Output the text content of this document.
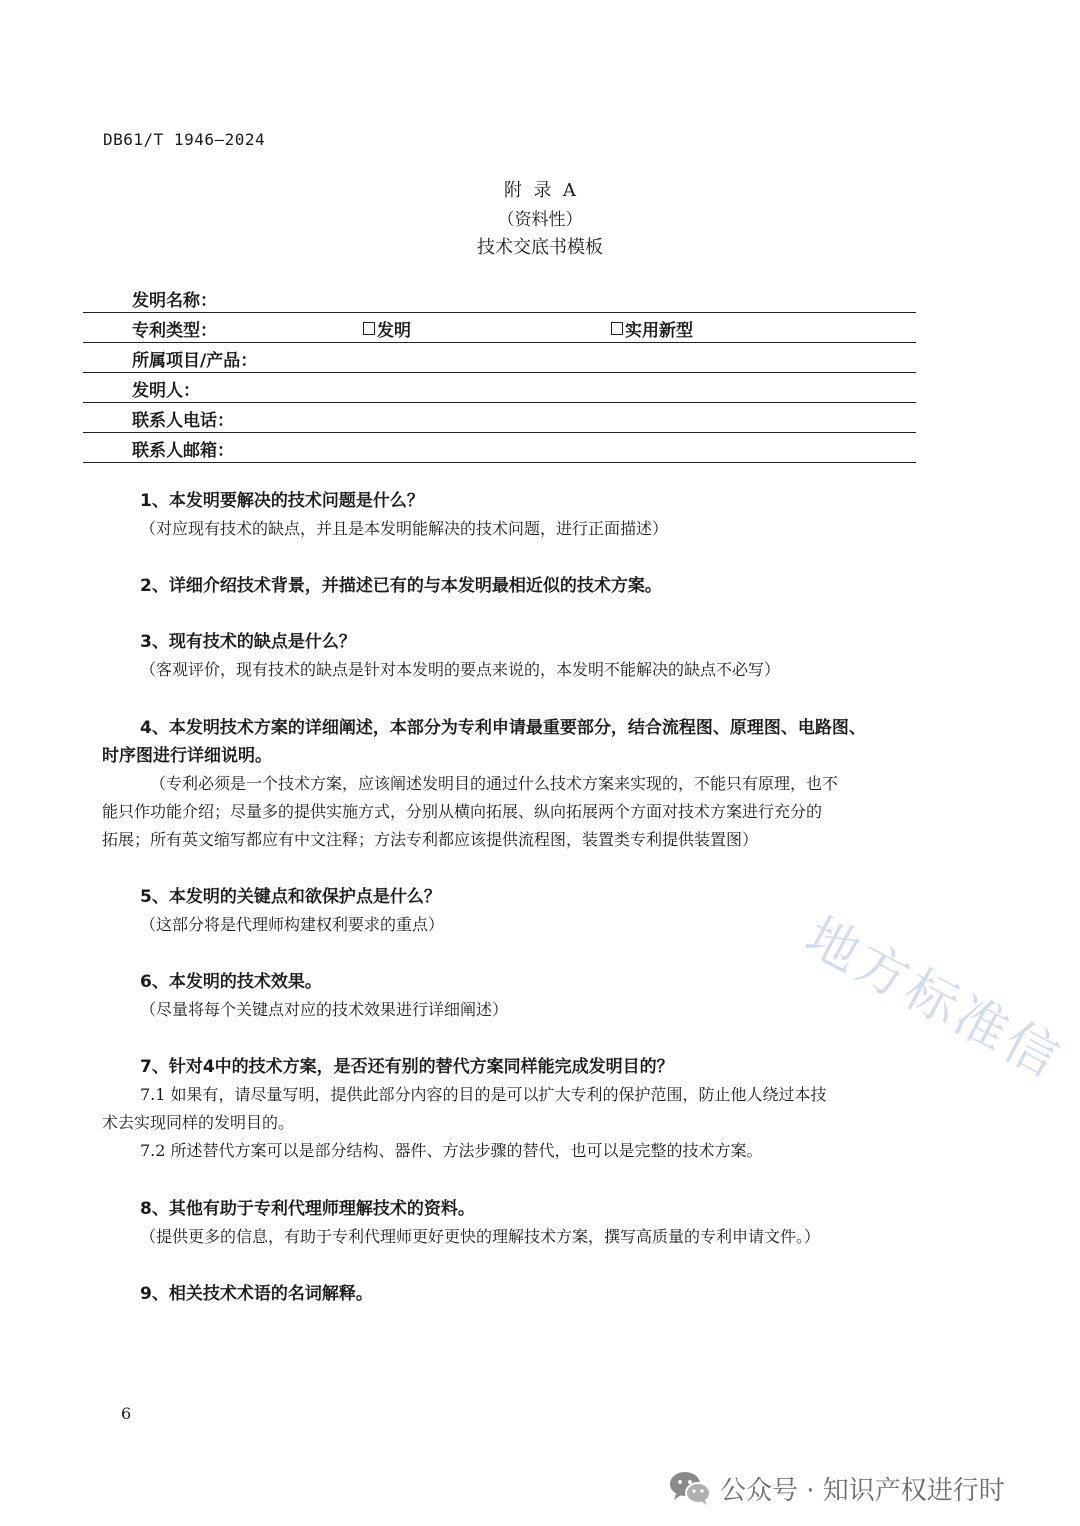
DB61/T 1946—2024
附  录  A
（资料性）
技术交底书模板
发明名称：
专利类型：	发明	实用新型
所属项目/产品：
发明人：
联系人电话：
联系人邮箱：
1、本发明要解决的技术问题是什么？
（对应现有技术的缺点，并且是本发明能解决的技术问题，进行正面描述）
2、详细介绍技术背景，并描述已有的与本发明最相近似的技术方案。
3、现有技术的缺点是什么？
（客观评价，现有技术的缺点是针对本发明的要点来说的，本发明不能解决的缺点不必写）
4、本发明技术方案的详细阐述，本部分为专利申请最重要部分，结合流程图、原理图、电路图、
时序图进行详细说明。
（专利必须是一个技术方案，应该阐述发明目的通过什么技术方案来实现的，不能只有原理，也不
能只作功能介绍；尽量多的提供实施方式，分别从横向拓展、纵向拓展两个方面对技术方案进行充分的
拓展；所有英文缩写都应有中文注释；方法专利都应该提供流程图，装置类专利提供装置图）
5、本发明的关键点和欲保护点是什么？
（这部分将是代理师构建权利要求的重点）
6、本发明的技术效果。
（尽量将每个关键点对应的技术效果进行详细阐述）
7、针对4中的技术方案，是否还有别的替代方案同样能完成发明目的？
7.1 如果有，请尽量写明，提供此部分内容的目的是可以扩大专利的保护范围，防止他人绕过本技
术去实现同样的发明目的。
7.2 所述替代方案可以是部分结构、器件、方法步骤的替代，也可以是完整的技术方案。
8、其他有助于专利代理师理解技术的资料。
（提供更多的信息，有助于专利代理师更好更快的理解技术方案，撰写高质量的专利申请文件。）
9、相关技术术语的名词解释。
地方标准信
6
公众号 · 知识产权进行时
